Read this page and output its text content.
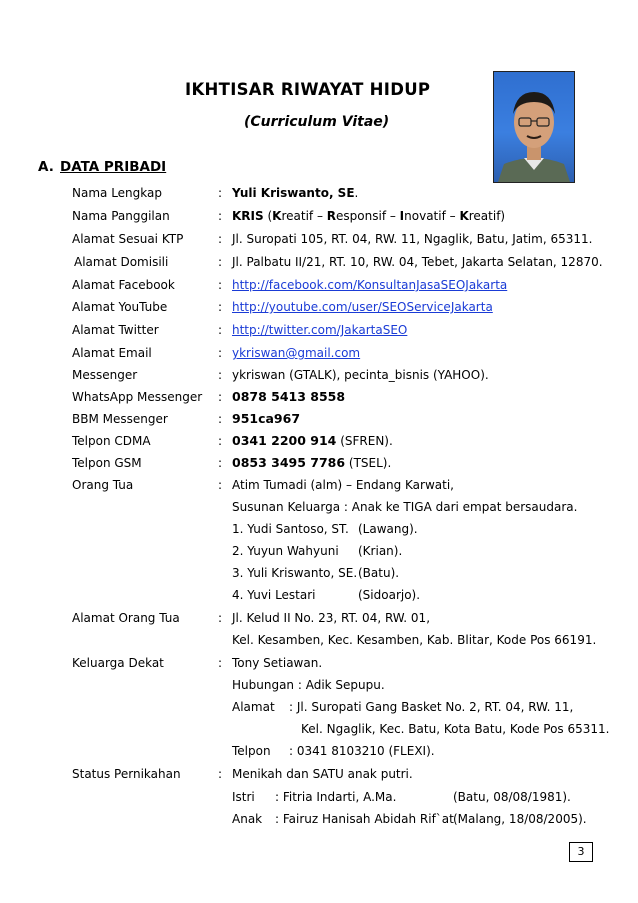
IKHTISAR RIWAYAT HIDUP
(Curriculum Vitae)
A. DATA PRIBADI
Nama Lengkap	: Yuli Kriswanto, SE.
Nama Panggilan	: KRIS (Kreatif – Responsif – Inovatif – Kreatif)
Alamat Sesuai KTP	: Jl. Suropati 105, RT. 04, RW. 11, Ngaglik, Batu, Jatim, 65311.
Alamat Domisili	: Jl. Palbatu II/21, RT. 10, RW. 04, Tebet, Jakarta Selatan, 12870.
Alamat Facebook	: http://facebook.com/KonsultanJasaSEOJakarta
Alamat YouTube	: http://youtube.com/user/SEOServiceJakarta
Alamat Twitter	: http://twitter.com/JakartaSEO
Alamat Email	: ykriswan@gmail.com
Messenger	: ykriswan (GTALK), pecinta_bisnis (YAHOO).
WhatsApp Messenger : 0878 5413 8558
BBM Messenger	: 951ca967
Telpon CDMA	: 0341 2200 914 (SFREN).
Telpon GSM	: 0853 3495 7786 (TSEL).
Orang Tua	: Atim Tumadi (alm) – Endang Karwati,
Susunan Keluarga : Anak ke TIGA dari empat bersaudara.
1. Yudi Santoso, ST. (Lawang).
2. Yuyun Wahyuni (Krian).
3. Yuli Kriswanto, SE. (Batu).
4. Yuvi Lestari	(Sidoarjo).
Alamat Orang Tua	: Jl. Kelud II No. 23, RT. 04, RW. 01,
Kel. Kesamben, Kec. Kesamben, Kab. Blitar, Kode Pos 66191.
Keluarga Dekat	: Tony Setiawan.
Hubungan : Adik Sepupu.
Alamat : Jl. Suropati Gang Basket No. 2, RT. 04, RW. 11,
Kel. Ngaglik, Kec. Batu, Kota Batu, Kode Pos 65311.
Telpon : 0341 8103210 (FLEXI).
Status Pernikahan	: Menikah dan SATU anak putri.
Istri : Fitria Indarti, A.Ma.	(Batu, 08/08/1981).
Anak : Fairuz Hanisah Abidah Rif`at (Malang, 18/08/2005).
3
